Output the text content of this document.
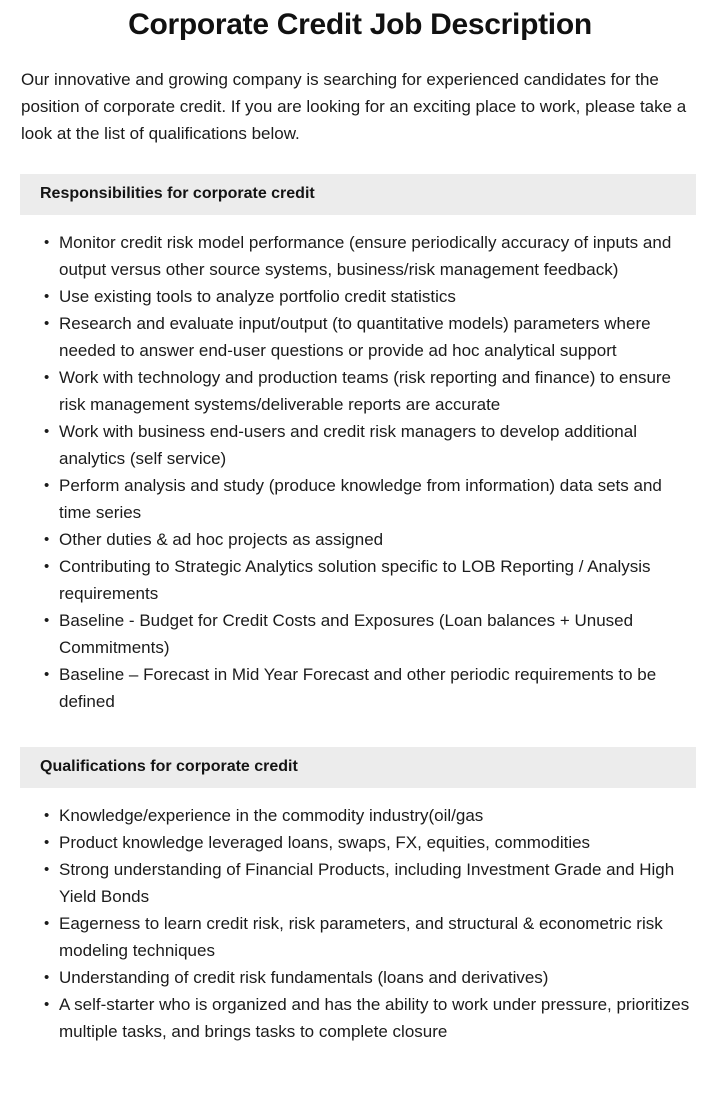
Corporate Credit Job Description

Our innovative and growing company is searching for experienced candidates for the position of corporate credit. If you are looking for an exciting place to work, please take a look at the list of qualifications below.

Responsibilities for corporate credit
• Monitor credit risk model performance (ensure periodically accuracy of inputs and output versus other source systems, business/risk management feedback)
• Use existing tools to analyze portfolio credit statistics
• Research and evaluate input/output (to quantitative models) parameters where needed to answer end-user questions or provide ad hoc analytical support
• Work with technology and production teams (risk reporting and finance) to ensure risk management systems/deliverable reports are accurate
• Work with business end-users and credit risk managers to develop additional analytics (self service)
• Perform analysis and study (produce knowledge from information) data sets and time series
• Other duties & ad hoc projects as assigned
• Contributing to Strategic Analytics solution specific to LOB Reporting / Analysis requirements
• Baseline - Budget for Credit Costs and Exposures (Loan balances + Unused Commitments)
• Baseline – Forecast in Mid Year Forecast and other periodic requirements to be defined
Qualifications for corporate credit
• Knowledge/experience in the commodity industry(oil/gas
• Product knowledge leveraged loans, swaps, FX, equities, commodities
• Strong understanding of Financial Products, including Investment Grade and High Yield Bonds
• Eagerness to learn credit risk, risk parameters, and structural & econometric risk modeling techniques
• Understanding of credit risk fundamentals (loans and derivatives)
• A self-starter who is organized and has the ability to work under pressure, prioritizes multiple tasks, and brings tasks to complete closure
